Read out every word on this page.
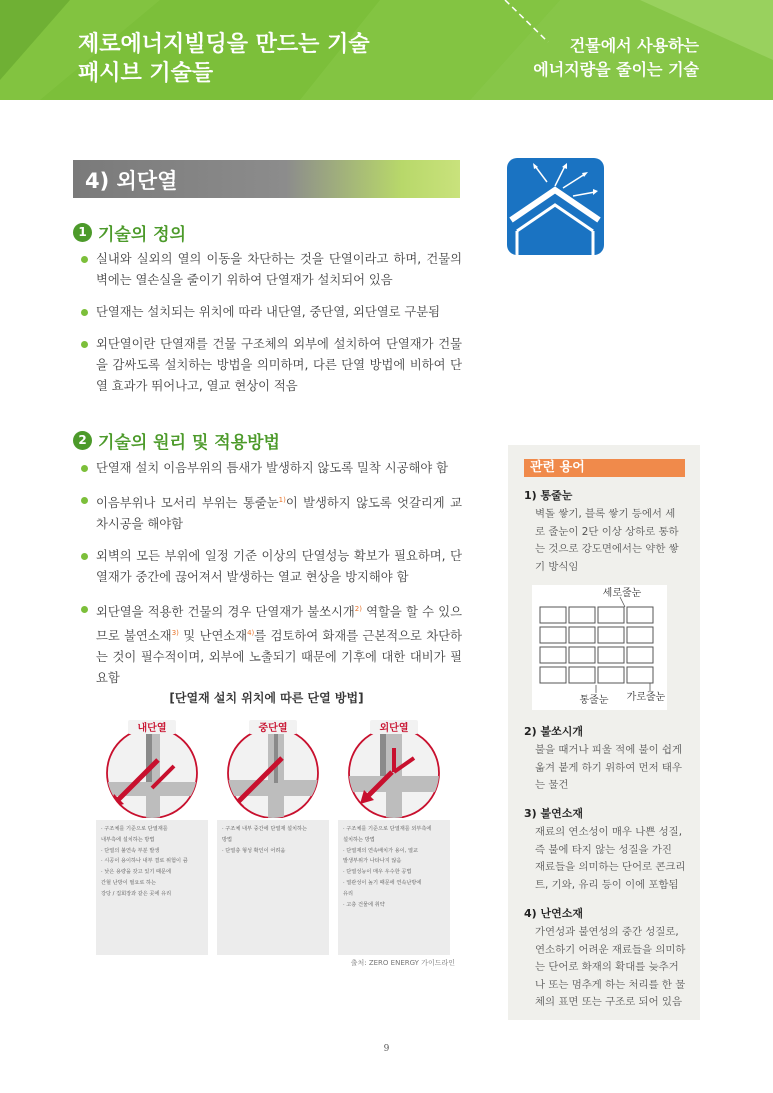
제로에너지빌딩을 만드는 기술
패시브 기술들
건물에서 사용하는
에너지량을 줄이는 기술
4) 외단열
1 기술의 정의
실내와 실외의 열의 이동을 차단하는 것을 단열이라고 하며, 건물의 벽에는 열손실을 줄이기 위하여 단열재가 설치되어 있음
단열재는 설치되는 위치에 따라 내단열, 중단열, 외단열로 구분됨
외단열이란 단열재를 건물 구조체의 외부에 설치하여 단열재가 건물을 감싸도록 설치하는 방법을 의미하며, 다른 단열 방법에 비하여 단열 효과가 뛰어나고, 열교 현상이 적음
2 기술의 원리 및 적용방법
단열재 설치 이음부위의 틈새가 발생하지 않도록 밀착 시공해야 함
이음부위나 모서리 부위는 통줄눈$^{1)}$이 발생하지 않도록 엇갈리게 교차시공을 해야함
외벽의 모든 부위에 일정 기준 이상의 단열성능 확보가 필요하며, 단열재가 중간에 끊어져서 발생하는 열교 현상을 방지해야 함
외단열을 적용한 건물의 경우 단열재가 불쏘시개$^{2)}$ 역할을 할 수 있으므로 불연소재$^{3)}$ 및 난연소재$^{4)}$를 검토하여 화재를 근본적으로 차단하는 것이 필수적이며, 외부에 노출되기 때문에 기후에 대한 대비가 필요함
[단열재 설치 위치에 따른 단열 방법]
내단열	중단열	외단열
· 구조체를 기준으로 단열재를
내부측에 설치하는 방법
· 단열의 불연속 부분 발생
· 시공이 용이하나 내부 결로 위험이 큼
· 낮은 용량을 갖고 있기 때문에
간헐 난방이 필요로 하는
강당 / 집회장과 같은 곳에 유리
· 구조체 내부 중간에 단열재 설치하는
방법
· 단열층 형성 확인이 어려움
· 구조체를 기준으로 단열재를 외부측에
설치하는 방법
· 단열재의 연속배치가 용이, 열교
발생부위가 나타나지 않음
· 단열성능이 매우 우수한 공법
· 열관성이 높기 때문에 연속난방에
유리
· 고층 건물에 취약
출처: ZERO ENERGY 가이드라인
관련 용어
1) 통줄눈
벽돌 쌓기, 블록 쌓기 등에서 세
로 줄눈이 2단 이상 상하로 통하
는 것으로 강도면에서는 약한 쌓
기 방식임
세로줄눈
통줄눈 가로줄눈
2) 불쏘시개
불을 때거나 피울 적에 불이 쉽게
옮겨 붙게 하기 위하여 먼저 태우
는 물건
3) 불연소재
재료의 연소성이 매우 나쁜 성질,
즉 불에 타지 않는 성질을 가진
재료들을 의미하는 단어로 콘크리
트, 기와, 유리 등이 이에 포함됨
4) 난연소재
가연성과 불연성의 중간 성질로,
연소하기 어려운 재료들을 의미하
는 단어로 화재의 확대를 늦추거
나 또는 멈추게 하는 처리를 한 물
체의 표면 또는 구조로 되어 있음
9
